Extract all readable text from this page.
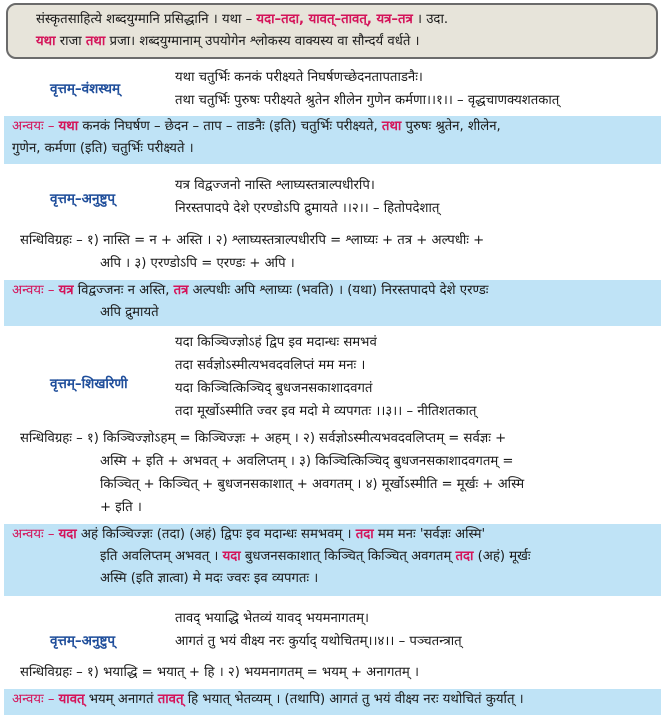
संस्कृतसाहित्ये शब्दयुग्मानि प्रसिद्धानि । यथा – यदा–तदा, यावत्–तावत्, यत्र–तत्र । उदा.
यथा राजा तथा प्रजा। शब्दयुग्मानाम् उपयोगेन श्लोकस्य वाक्यस्य वा सौन्दर्यं वर्धते ।
वृत्तम्–वंशस्थम्
यथा चतुर्भिः कनकं परीक्ष्यते निघर्षणच्छेदनतापताडनैः।
तथा चतुर्भिः पुरुषः परीक्ष्यते श्रुतेन शीलेन गुणेन कर्मणा।।१।। – वृद्धचाणक्यशतकात्
अन्वयः – यथा कनकं निघर्षण – छेदन – ताप – ताडनैः (इति) चतुर्भिः परीक्ष्यते, तथा पुरुषः श्रुतेन, शीलेन,
गुणेन, कर्मणा (इति) चतुर्भिः परीक्ष्यते ।
वृत्तम्–अनुष्टुप्
यत्र विद्वज्जनो नास्ति श्लाघ्यस्तत्राल्पधीरपि।
निरस्तपादपे देशे एरण्डोऽपि द्रुमायते ।।२।। – हितोपदेशात्
सन्धिविग्रहः – १) नास्ति = न + अस्ति । २) श्लाघ्यस्तत्राल्पधीरपि = श्लाघ्यः + तत्र + अल्पधीः +
अपि । ३) एरण्डोऽपि = एरण्डः + अपि ।
अन्वयः – यत्र विद्वज्जनः न अस्ति, तत्र अल्पधीः अपि श्लाघ्यः (भवति) । (यथा) निरस्तपादपे देशे एरण्डः
अपि द्रुमायते
वृत्तम्–शिखरिणी
यदा किञ्चिज्ज्ञोऽहं द्विप इव मदान्धः समभवं
तदा सर्वज्ञोऽस्मीत्यभवदवलिप्तं मम मनः ।
यदा किञ्चित्किञ्चिद् बुधजनसकाशादवगतं
तदा मूर्खोऽस्मीति ज्वर इव मदो मे व्यपगतः ।।३।। – नीतिशतकात्
सन्धिविग्रहः – १) किञ्चिज्ज्ञोऽहम् = किञ्चिज्ज्ञः + अहम् । २) सर्वज्ञोऽस्मीत्यभवदवलिप्तम् = सर्वज्ञः +
अस्मि + इति + अभवत् + अवलिप्तम् । ३) किञ्चित्किञ्चिद् बुधजनसकाशादवगतम् =
किञ्चित् + किञ्चित् + बुधजनसकाशात् + अवगतम् । ४) मूर्खोऽस्मीति = मूर्खः + अस्मि
+ इति ।
अन्वयः – यदा अहं किञ्चिज्ज्ञः (तदा) (अहं) द्विपः इव मदान्धः समभवम् । तदा मम मनः 'सर्वज्ञः अस्मि'
इति अवलिप्तम् अभवत् । यदा बुधजनसकाशात् किञ्चित् किञ्चित् अवगतम् तदा (अहं) मूर्खः
अस्मि (इति ज्ञात्वा) मे मदः ज्वरः इव व्यपगतः ।
वृत्तम्–अनुष्टुप्
तावद् भयाद्धि भेतव्यं यावद् भयमनागतम्।
आगतं तु भयं वीक्ष्य नरः कुर्याद् यथोचितम्।।४।। – पञ्चतन्त्रात्
सन्धिविग्रहः – १) भयाद्धि = भयात् + हि । २) भयमनागतम् = भयम् + अनागतम् ।
अन्वयः – यावत् भयम् अनागतं तावत् हि भयात् भेतव्यम् । (तथापि) आगतं तु भयं वीक्ष्य नरः यथोचितं कुर्यात् ।
